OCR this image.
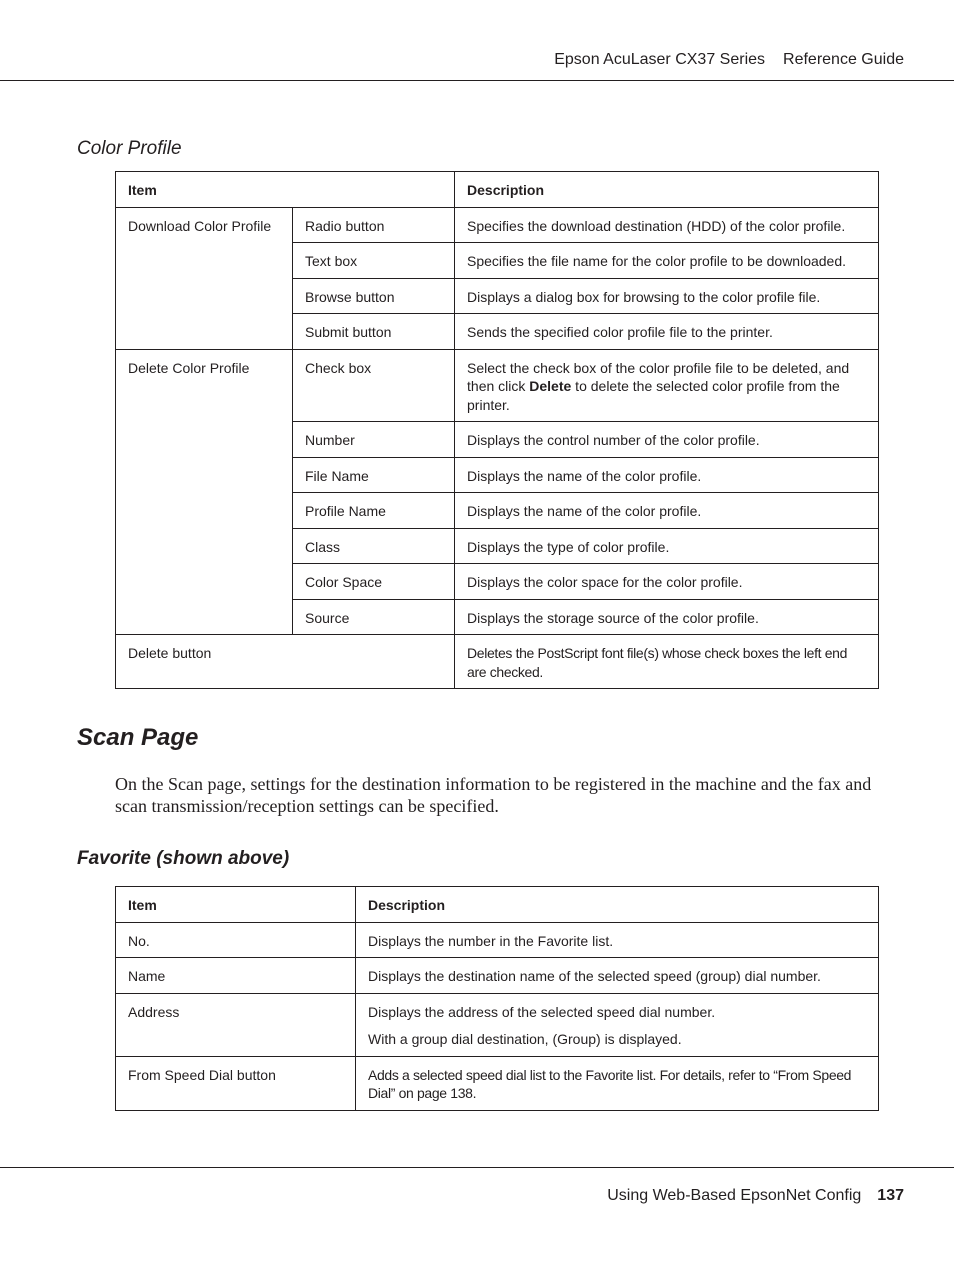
Epson AcuLaser CX37 Series Reference Guide
Color Profile
Item		Description
Download Color Profile	Radio button	Specifies the download destination (HDD) of the color profile.
	Text box	Specifies the file name for the color profile to be downloaded.
	Browse button	Displays a dialog box for browsing to the color profile file.
	Submit button	Sends the specified color profile file to the printer.
Delete Color Profile	Check box	Select the check box of the color profile file to be deleted, and then click Delete to delete the selected color profile from the printer.
	Number	Displays the control number of the color profile.
	File Name	Displays the name of the color profile.
	Profile Name	Displays the name of the color profile.
	Class	Displays the type of color profile.
	Color Space	Displays the color space for the color profile.
	Source	Displays the storage source of the color profile.
Delete button		Deletes the PostScript font file(s) whose check boxes the left end are checked.
Scan Page

On the Scan page, settings for the destination information to be registered in the machine and the fax and scan transmission/reception settings can be specified.

Favorite (shown above)
Item	Description
No.	Displays the number in the Favorite list.
Name	Displays the destination name of the selected speed (group) dial number.
Address	Displays the address of the selected speed dial number.
With a group dial destination, (Group) is displayed.

From Speed Dial button	Adds a selected speed dial list to the Favorite list. For details, refer to “From Speed Dial” on page 138.
Using Web-Based EpsonNet Config 137
